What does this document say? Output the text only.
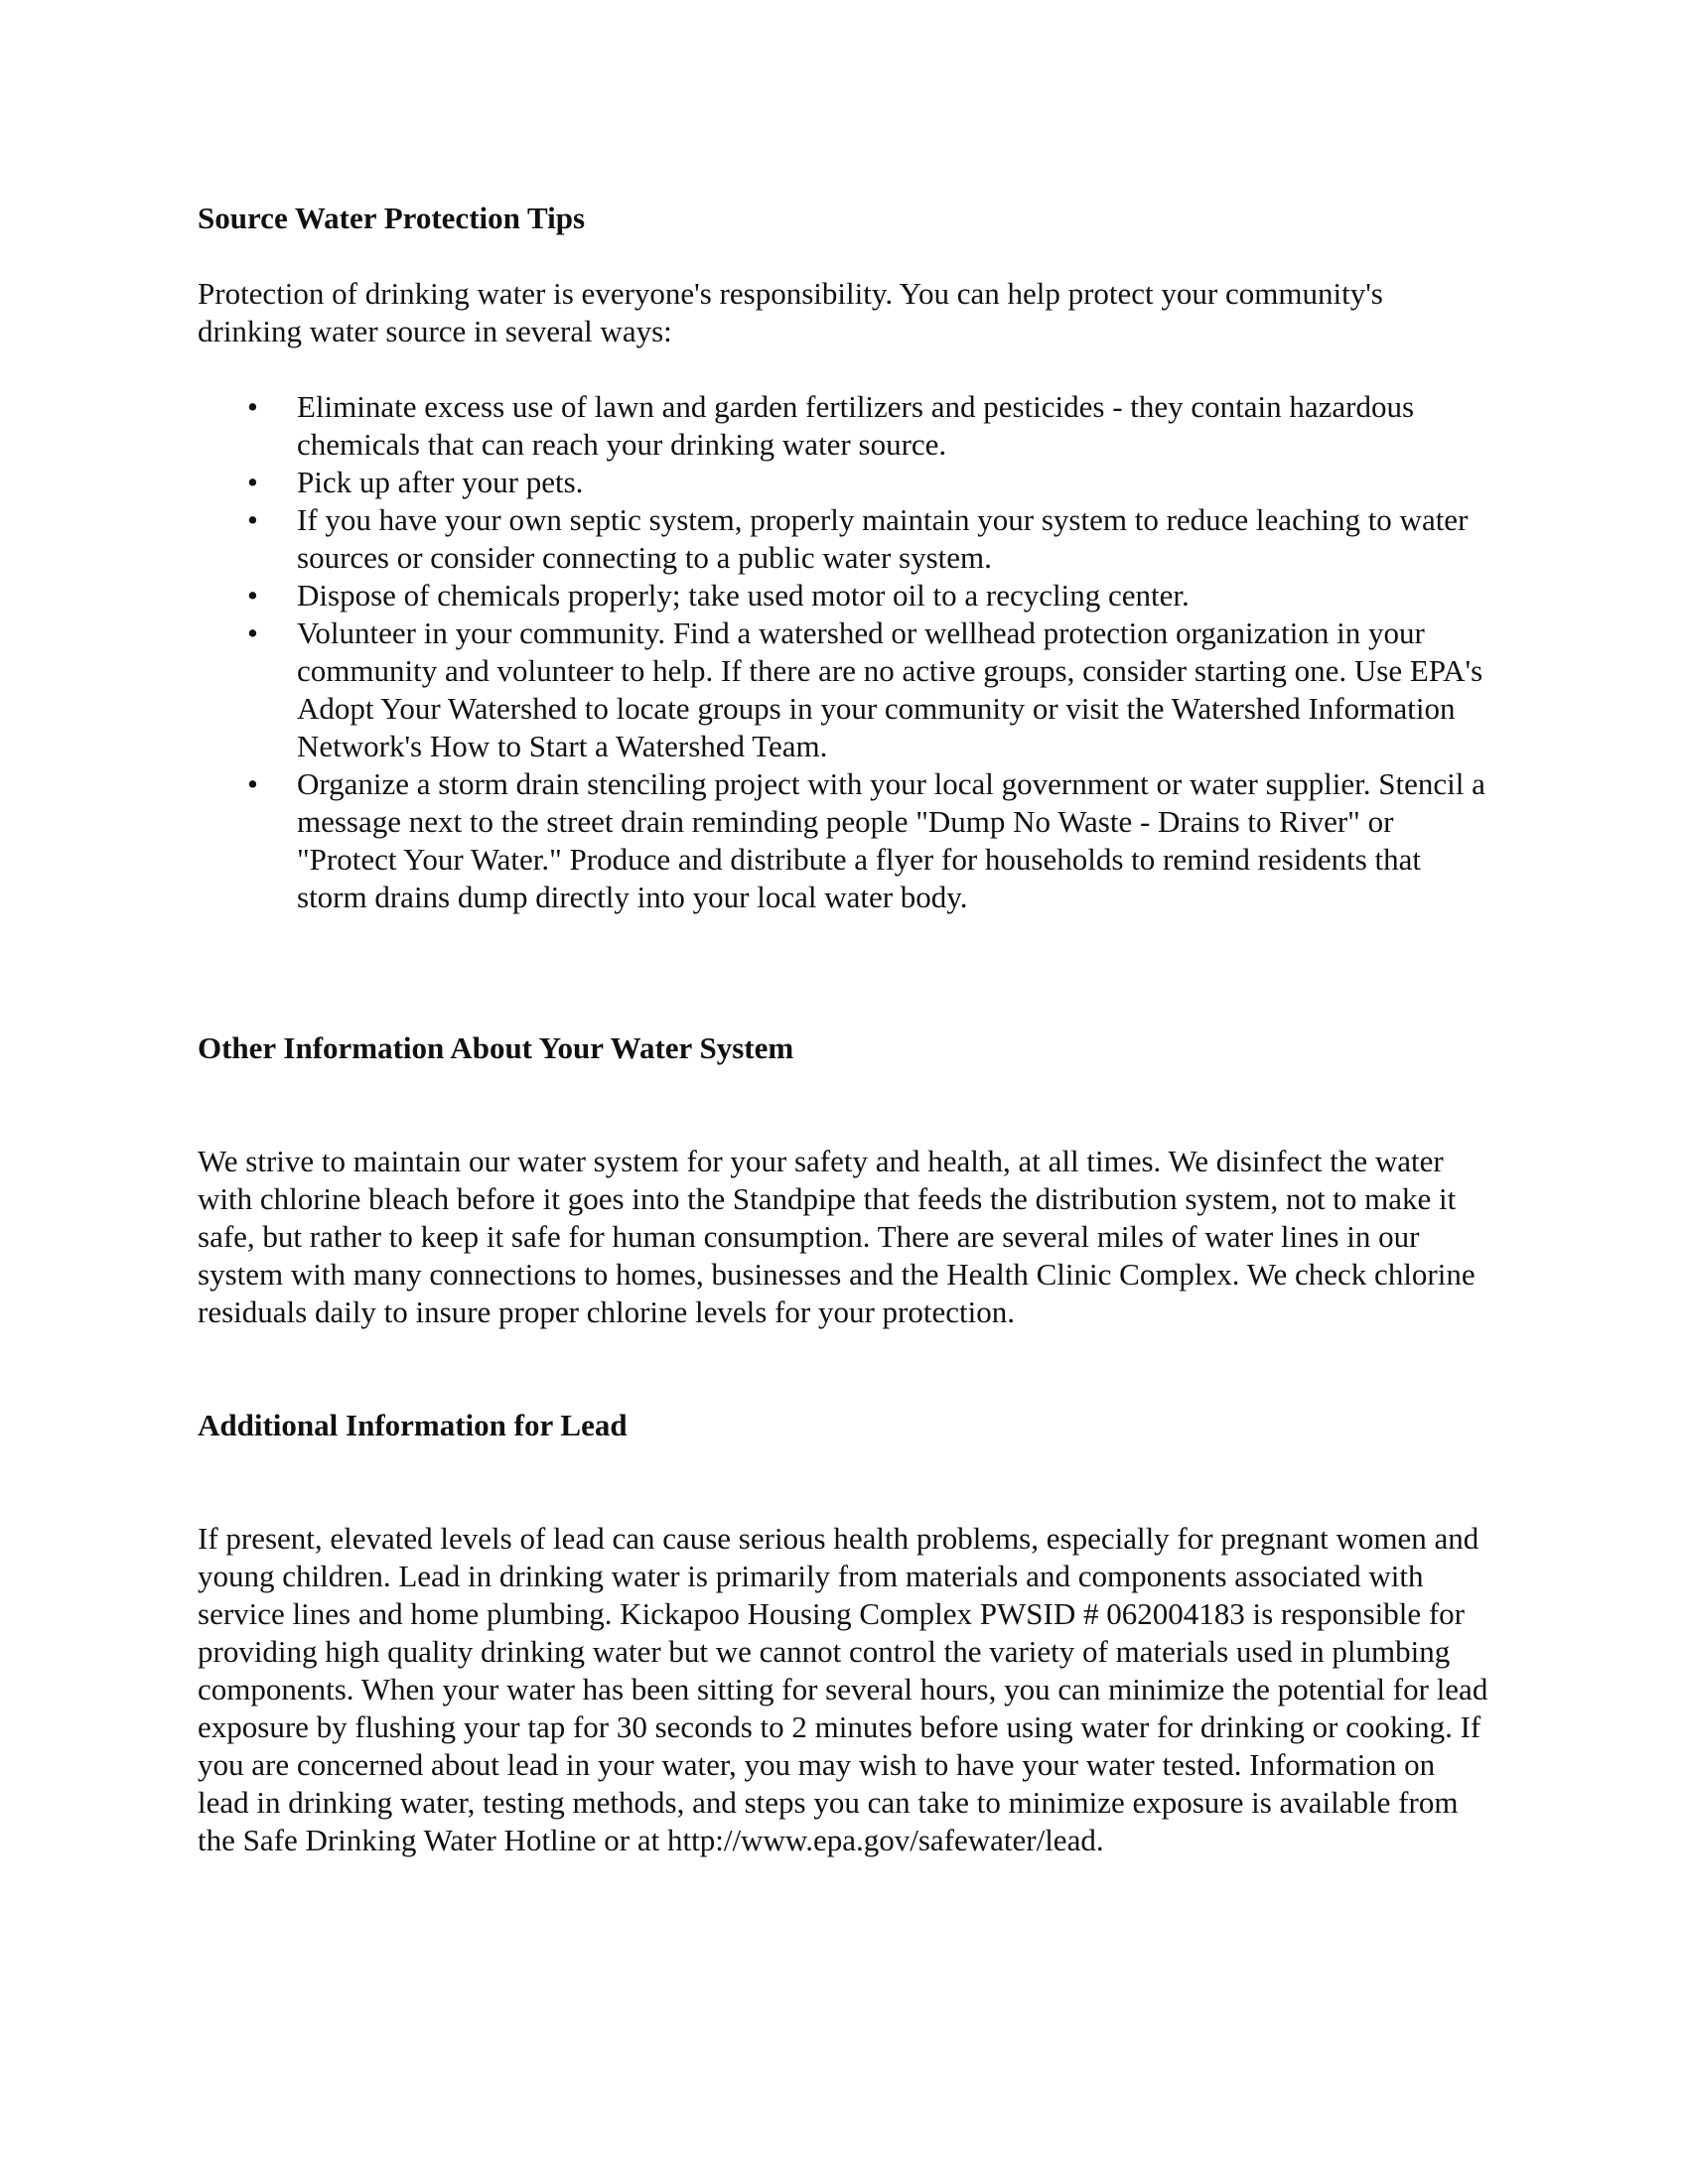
Source Water Protection Tips

Protection of drinking water is everyone's responsibility. You can help protect your community's drinking water source in several ways:

• Eliminate excess use of lawn and garden fertilizers and pesticides - they contain hazardous chemicals that can reach your drinking water source.
• Pick up after your pets.
• If you have your own septic system, properly maintain your system to reduce leaching to water sources or consider connecting to a public water system.
• Dispose of chemicals properly; take used motor oil to a recycling center.
• Volunteer in your community. Find a watershed or wellhead protection organization in your community and volunteer to help. If there are no active groups, consider starting one. Use EPA's Adopt Your Watershed to locate groups in your community or visit the Watershed Information Network's How to Start a Watershed Team.
• Organize a storm drain stenciling project with your local government or water supplier. Stencil a message next to the street drain reminding people "Dump No Waste - Drains to River" or "Protect Your Water." Produce and distribute a flyer for households to remind residents that storm drains dump directly into your local water body.
Other Information About Your Water System

We strive to maintain our water system for your safety and health, at all times. We disinfect the water with chlorine bleach before it goes into the Standpipe that feeds the distribution system, not to make it safe, but rather to keep it safe for human consumption. There are several miles of water lines in our system with many connections to homes, businesses and the Health Clinic Complex. We check chlorine residuals daily to insure proper chlorine levels for your protection.

Additional Information for Lead

If present, elevated levels of lead can cause serious health problems, especially for pregnant women and young children. Lead in drinking water is primarily from materials and components associated with service lines and home plumbing. Kickapoo Housing Complex PWSID # 062004183 is responsible for providing high quality drinking water but we cannot control the variety of materials used in plumbing components. When your water has been sitting for several hours, you can minimize the potential for lead exposure by flushing your tap for 30 seconds to 2 minutes before using water for drinking or cooking. If you are concerned about lead in your water, you may wish to have your water tested. Information on lead in drinking water, testing methods, and steps you can take to minimize exposure is available from the Safe Drinking Water Hotline or at http://www.epa.gov/safewater/lead.
